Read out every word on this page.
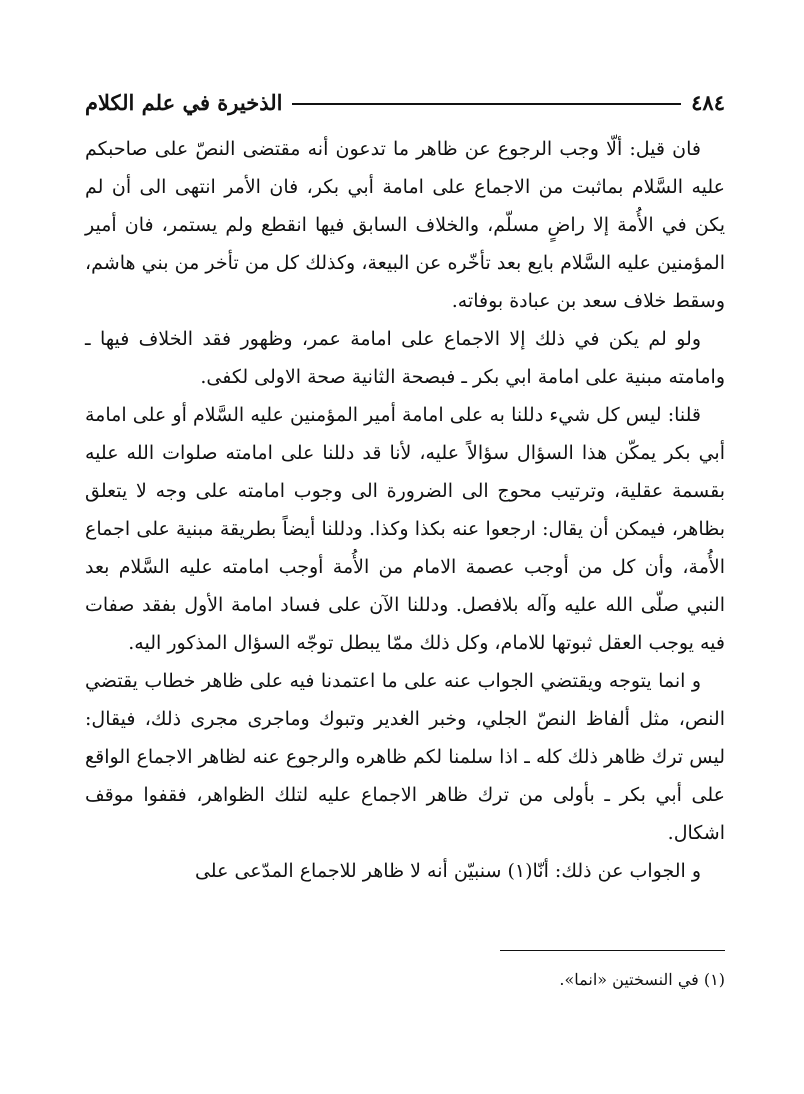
٤٨٤
الذخيرة في علم الكلام

فان قيل: ألّا وجب الرجوع عن ظاهر ما تدعون أنه مقتضى النصّ على صاحبكم عليه السَّلام بماثبت من الاجماع على امامة أبي بكر، فان الأمر انتهى الى أن لم يكن في الأُمة إلا راضٍ مسلّم، والخلاف السابق فيها انقطع ولم يستمر، فان أمير المؤمنين عليه السَّلام بايع بعد تأخّره عن البيعة، وكذلك كل من تأخر من بني هاشم، وسقط خلاف سعد بن عبادة بوفاته.

ولو لم يكن في ذلك إلا الاجماع على امامة عمر، وظهور فقد الخلاف فيها ـ وامامته مبنية على امامة ابي بكر ـ فبصحة الثانية صحة الاولى لكفى.

قلنا: ليس كل شيء دللنا به على امامة أمير المؤمنين عليه السَّلام أو على امامة أبي بكر يمكّن هذا السؤال سؤالاً عليه، لأنا قد دللنا على امامته صلوات الله عليه بقسمة عقلية، وترتيب محوج الى الضرورة الى وجوب امامته على وجه لا يتعلق بظاهر، فيمكن أن يقال: ارجعوا عنه بكذا وكذا. ودللنا أيضاً بطريقة مبنية على اجماع الأُمة، وأن كل من أوجب عصمة الامام من الأُمة أوجب امامته عليه السَّلام بعد النبي صلّى الله عليه وآله بلافصل. ودللنا الآن على فساد امامة الأول بفقد صفات فيه يوجب العقل ثبوتها للامام، وكل ذلك ممّا يبطل توجّه السؤال المذكور اليه.

و انما يتوجه ويقتضي الجواب عنه على ما اعتمدنا فيه على ظاهر خطاب يقتضي النص، مثل ألفاظ النصّ الجلي، وخبر الغدير وتبوك وماجرى مجرى ذلك، فيقال: ليس ترك ظاهر ذلك كله ـ اذا سلمنا لكم ظاهره والرجوع عنه لظاهر الاجماع الواقع على أبي بكر ـ بأولى من ترك ظاهر الاجماع عليه لتلك الظواهر، فقفوا موقف اشكال.

و الجواب عن ذلك: أنّا(١) سنبيّن أنه لا ظاهر للاجماع المدّعى على

(١) في النسختين «انما».
